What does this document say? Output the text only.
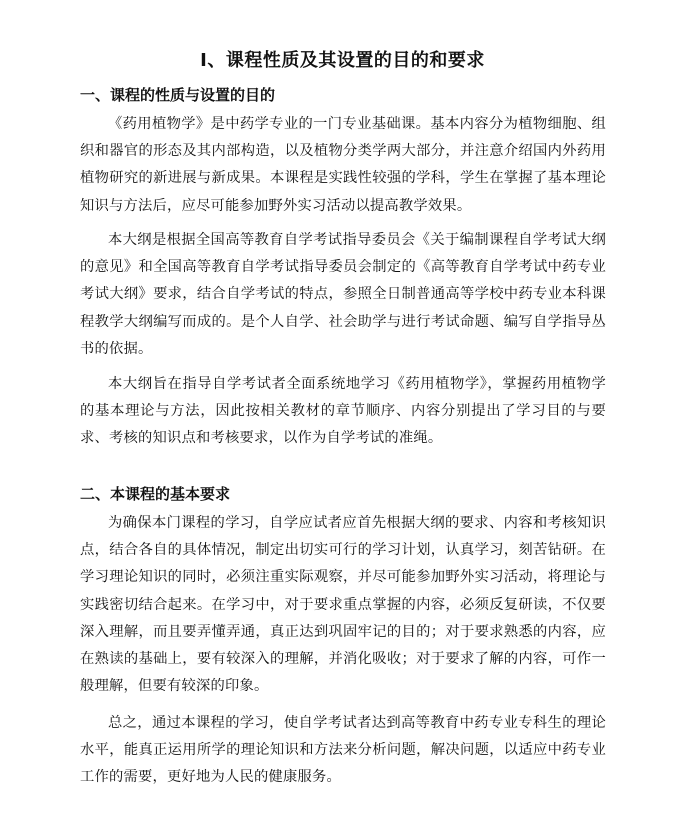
Ⅰ、课程性质及其设置的目的和要求
一、课程的性质与设置的目的

《药用植物学》是中药学专业的一门专业基础课。基本内容分为植物细胞、组织和器官的形态及其内部构造，以及植物分类学两大部分，并注意介绍国内外药用植物研究的新进展与新成果。本课程是实践性较强的学科，学生在掌握了基本理论知识与方法后，应尽可能参加野外实习活动以提高教学效果。

本大纲是根据全国高等教育自学考试指导委员会《关于编制课程自学考试大纲的意见》和全国高等教育自学考试指导委员会制定的《高等教育自学考试中药专业考试大纲》要求，结合自学考试的特点，参照全日制普通高等学校中药专业本科课程教学大纲编写而成的。是个人自学、社会助学与进行考试命题、编写自学指导丛书的依据。

本大纲旨在指导自学考试者全面系统地学习《药用植物学》，掌握药用植物学的基本理论与方法，因此按相关教材的章节顺序、内容分别提出了学习目的与要求、考核的知识点和考核要求，以作为自学考试的准绳。

二、本课程的基本要求

为确保本门课程的学习，自学应试者应首先根据大纲的要求、内容和考核知识点，结合各自的具体情况，制定出切实可行的学习计划，认真学习，刻苦钻研。在学习理论知识的同时，必须注重实际观察，并尽可能参加野外实习活动，将理论与实践密切结合起来。在学习中，对于要求重点掌握的内容，必须反复研读，不仅要深入理解，而且要弄懂弄通，真正达到巩固牢记的目的；对于要求熟悉的内容，应在熟读的基础上，要有较深入的理解，并消化吸收；对于要求了解的内容，可作一般理解，但要有较深的印象。

总之，通过本课程的学习，使自学考试者达到高等教育中药专业专科生的理论水平，能真正运用所学的理论知识和方法来分析问题，解决问题，以适应中药专业工作的需要，更好地为人民的健康服务。
